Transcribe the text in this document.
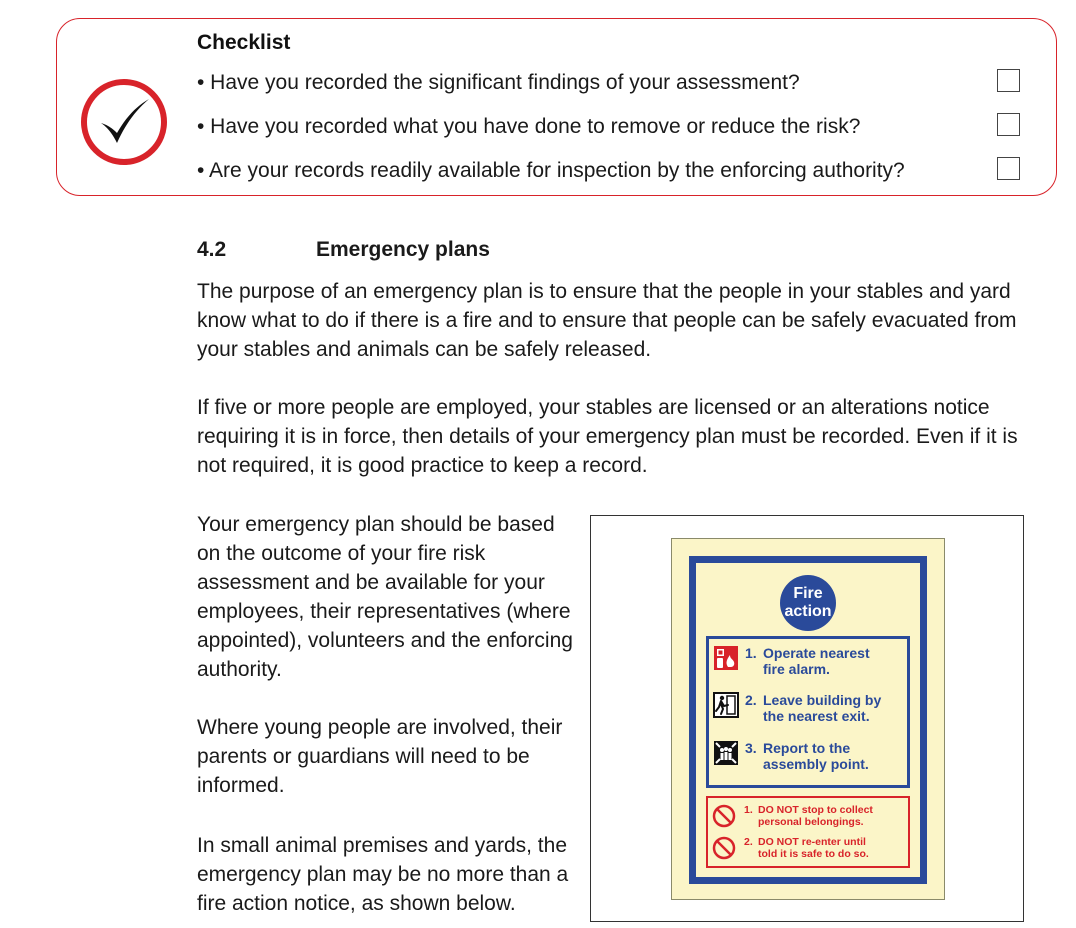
Checklist
• Have you recorded the significant findings of your assessment?
• Have you recorded what you have done to remove or reduce the risk?
• Are your records readily available for inspection by the enforcing authority?
4.2	Emergency plans

The purpose of an emergency plan is to ensure that the people in your stables and yard know what to do if there is a fire and to ensure that people can be safely evacuated from your stables and animals can be safely released.

If five or more people are employed, your stables are licensed or an alterations notice requiring it is in force, then details of your emergency plan must be recorded. Even if it is not required, it is good practice to keep a record.

Your emergency plan should be based on the outcome of your fire risk assessment and be available for your employees, their representatives (where appointed), volunteers and the enforcing authority.

Where young people are involved, their parents or guardians will need to be informed.

In small animal premises and yards, the emergency plan may be no more than a fire action notice, as shown below.

Fire
action
1. Operate nearest
fire alarm.
2. Leave building by
the nearest exit.
3. Report to the
assembly point.
1. DO NOT stop to collect
personal belongings.
2. DO NOT re-enter until
told it is safe to do so.
